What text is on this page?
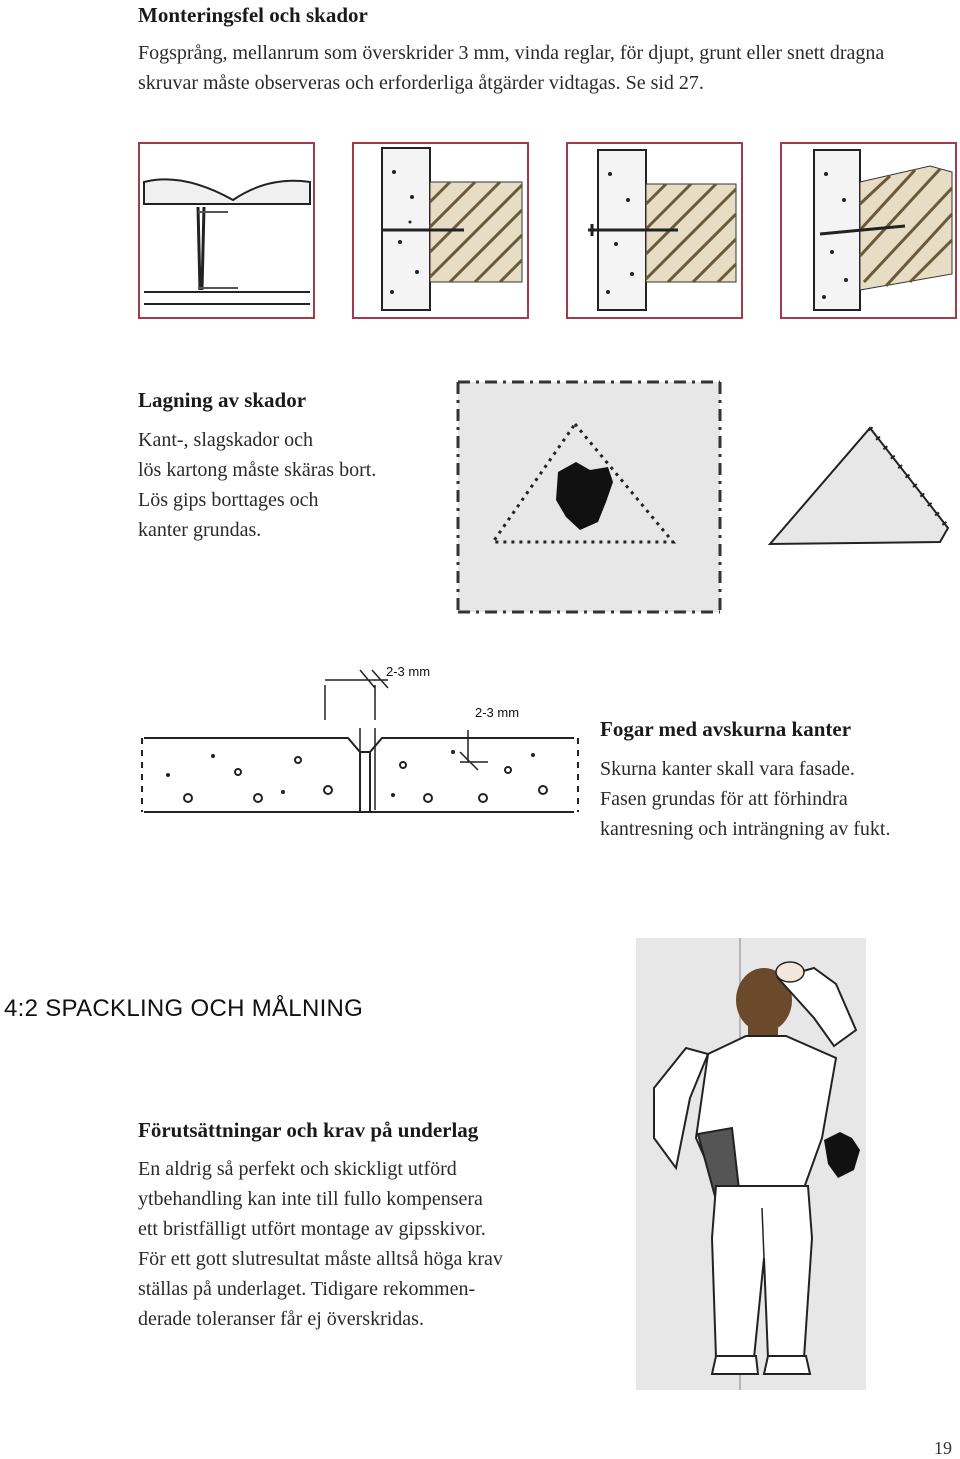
Monteringsfel och skador
Fogsprång, mellanrum som överskrider 3 mm, vinda reglar, för djupt, grunt eller snett dragna skruvar måste observeras och erforderliga åtgärder vidtagas. Se sid 27.
Lagning av skador

Kant-, slagskador och

lös kartong måste skäras bort.

Lös gips borttages och

kanter grundas.

2-3 mm
2-3 mm
Fogar med avskurna kanter

Skurna kanter skall vara fasade.

Fasen grundas för att förhindra

kantresning och inträngning av fukt.

4:2 SPACKLING OCH MÅLNING
Förutsättningar och krav på underlag

En aldrig så perfekt och skickligt utförd

ytbehandling kan inte till fullo kompensera

ett bristfälligt utfört montage av gipsskivor.

För ett gott slutresultat måste alltså höga krav

ställas på underlaget. Tidigare rekommen-

derade toleranser får ej överskridas.

19
